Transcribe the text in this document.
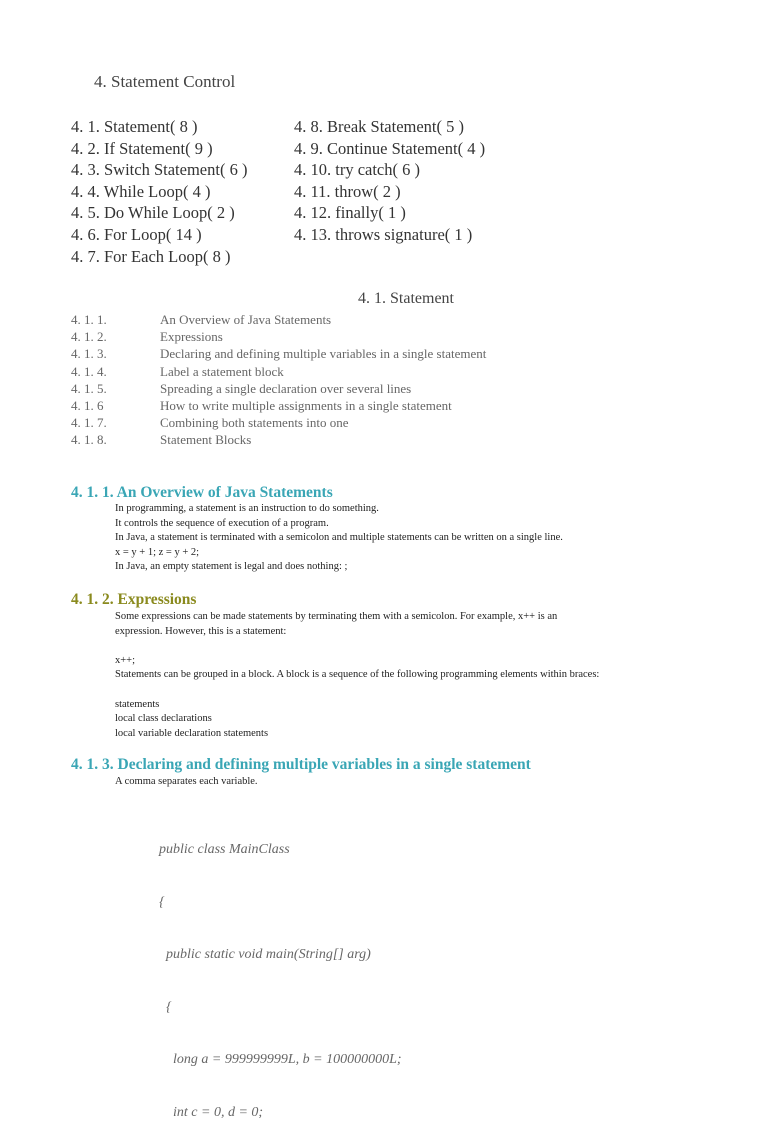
4. Statement Control
4. 1. Statement( 8 )
4. 2. If Statement( 9 )
4. 3. Switch Statement( 6 )
4. 4. While Loop( 4 )
4. 5. Do While Loop( 2 )
4. 6. For Loop( 14 )
4. 7. For Each Loop( 8 )
4. 8. Break Statement( 5 )
4. 9. Continue Statement( 4 )
4. 10. try catch( 6 )
4. 11. throw( 2 )
4. 12. finally( 1 )
4. 13. throws signature( 1 )
4. 1. Statement
4. 1. 1.	An Overview of Java Statements
4. 1. 2.	Expressions
4. 1. 3.	Declaring and defining multiple variables in a single statement
4. 1. 4.	Label a statement block
4. 1. 5.	Spreading a single declaration over several lines
4. 1. 6	How to write multiple assignments in a single statement
4. 1. 7.	Combining both statements into one
4. 1. 8.	Statement Blocks
4. 1. 1. An Overview of Java Statements
In programming, a statement is an instruction to do something.
It controls the sequence of execution of a program.
In Java, a statement is terminated with a semicolon and multiple statements can be written on a single line.
x = y + 1; z = y + 2;
In Java, an empty statement is legal and does nothing: ;
4. 1. 2. Expressions
Some expressions can be made statements by terminating them with a semicolon. For example, x++ is an
expression. However, this is a statement:
x++;
Statements can be grouped in a block. A block is a sequence of the following programming elements within braces:
statements
local class declarations
local variable declaration statements
4. 1. 3. Declaring and defining multiple variables in a single statement
A comma separates each variable.

public class MainClass

{

public static void main(String[] arg)

{

long a = 999999999L, b = 100000000L;

int c = 0, d = 0;
